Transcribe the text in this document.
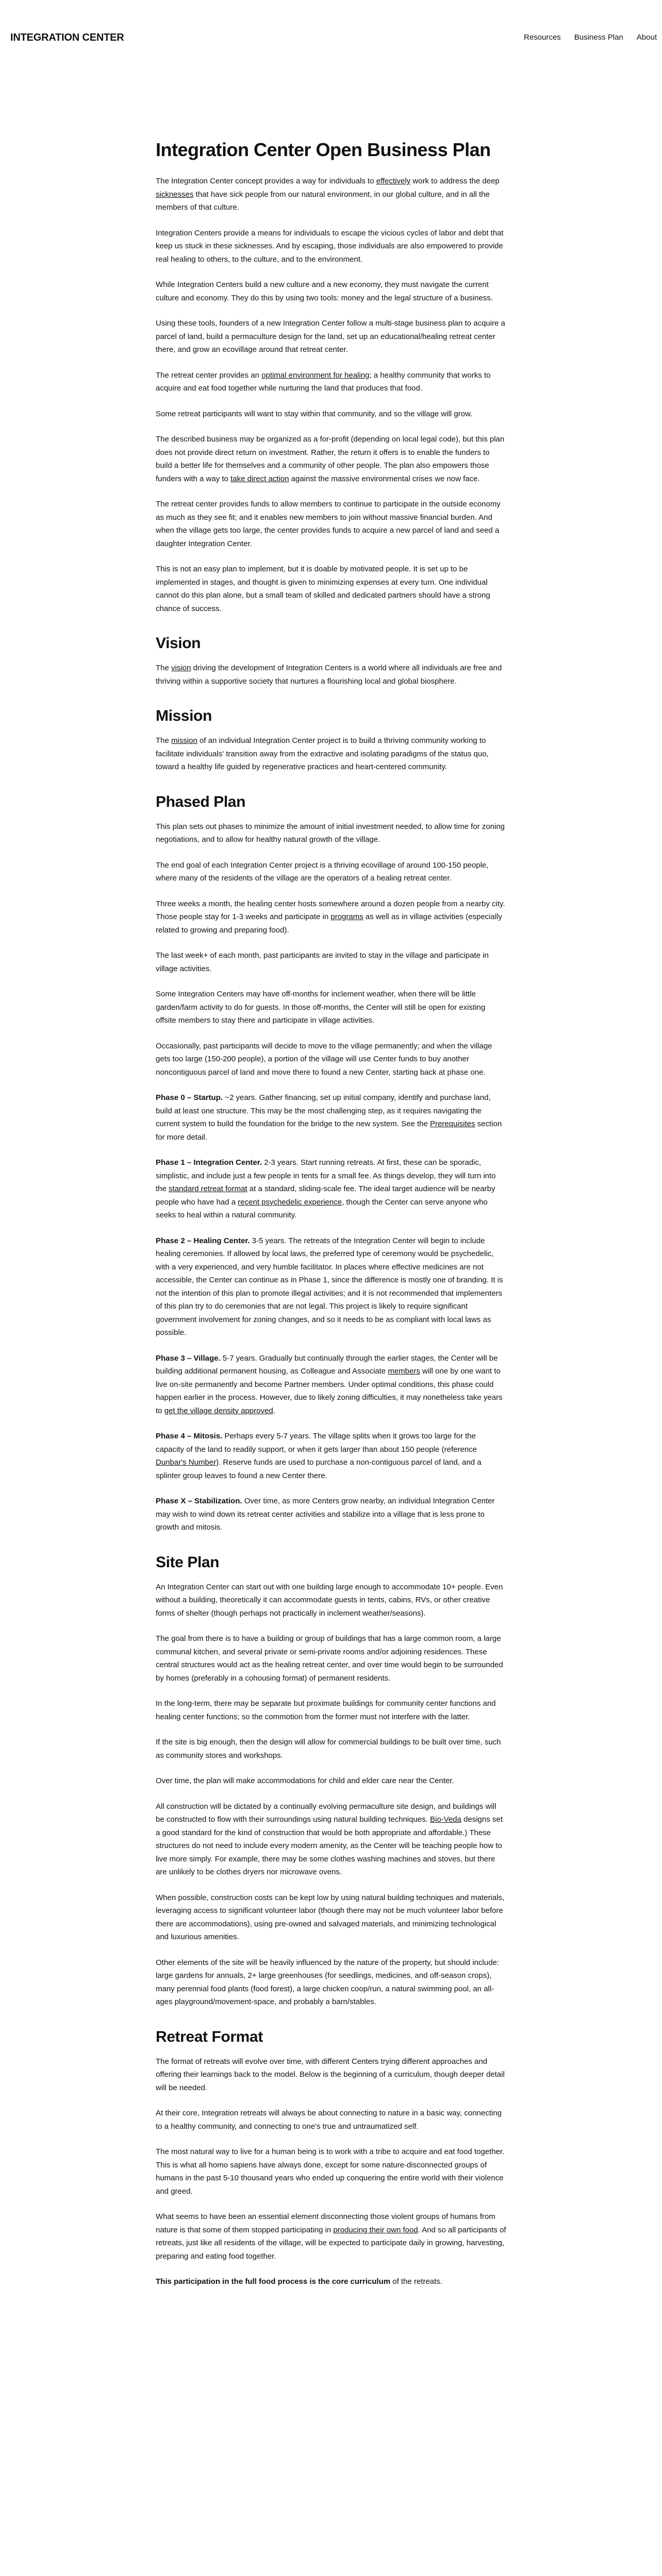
INTEGRATION CENTER	Resources Business Plan About
Integration Center Open Business Plan

The Integration Center concept provides a way for individuals to effectively work to address the deep sicknesses that have sick people from our natural environment, in our global culture, and in all the members of that culture.

Integration Centers provide a means for individuals to escape the vicious cycles of labor and debt that keep us stuck in these sicknesses. And by escaping, those individuals are also empowered to provide real healing to others, to the culture, and to the environment.

While Integration Centers build a new culture and a new economy, they must navigate the current culture and economy. They do this by using two tools: money and the legal structure of a business.

Using these tools, founders of a new Integration Center follow a multi-stage business plan to acquire a parcel of land, build a permaculture design for the land, set up an educational/healing retreat center there, and grow an ecovillage around that retreat center.

The retreat center provides an optimal environment for healing; a healthy community that works to acquire and eat food together while nurturing the land that produces that food.

Some retreat participants will want to stay within that community, and so the village will grow.

The described business may be organized as a for-profit (depending on local legal code), but this plan does not provide direct return on investment. Rather, the return it offers is to enable the funders to build a better life for themselves and a community of other people. The plan also empowers those funders with a way to take direct action against the massive environmental crises we now face.

The retreat center provides funds to allow members to continue to participate in the outside economy as much as they see fit; and it enables new members to join without massive financial burden. And when the village gets too large, the center provides funds to acquire a new parcel of land and seed a daughter Integration Center.

This is not an easy plan to implement, but it is doable by motivated people. It is set up to be implemented in stages, and thought is given to minimizing expenses at every turn. One individual cannot do this plan alone, but a small team of skilled and dedicated partners should have a strong chance of success.

Vision

The vision driving the development of Integration Centers is a world where all individuals are free and thriving within a supportive society that nurtures a flourishing local and global biosphere.

Mission

The mission of an individual Integration Center project is to build a thriving community working to facilitate individuals' transition away from the extractive and isolating paradigms of the status quo, toward a healthy life guided by regenerative practices and heart-centered community.

Phased Plan

This plan sets out phases to minimize the amount of initial investment needed, to allow time for zoning negotiations, and to allow for healthy natural growth of the village.

The end goal of each Integration Center project is a thriving ecovillage of around 100-150 people, where many of the residents of the village are the operators of a healing retreat center.

Three weeks a month, the healing center hosts somewhere around a dozen people from a nearby city. Those people stay for 1-3 weeks and participate in programs as well as in village activities (especially related to growing and preparing food).

The last week+ of each month, past participants are invited to stay in the village and participate in village activities.

Some Integration Centers may have off-months for inclement weather, when there will be little garden/farm activity to do for guests. In those off-months, the Center will still be open for existing offsite members to stay there and participate in village activities.

Occasionally, past participants will decide to move to the village permanently; and when the village gets too large (150-200 people), a portion of the village will use Center funds to buy another noncontiguous parcel of land and move there to found a new Center, starting back at phase one.

Phase 0 – Startup. ~2 years. Gather financing, set up initial company, identify and purchase land, build at least one structure. This may be the most challenging step, as it requires navigating the current system to build the foundation for the bridge to the new system. See the Prerequisites section for more detail.

Phase 1 – Integration Center. 2-3 years. Start running retreats. At first, these can be sporadic, simplistic, and include just a few people in tents for a small fee. As things develop, they will turn into the standard retreat format at a standard, sliding-scale fee. The ideal target audience will be nearby people who have had a recent psychedelic experience, though the Center can serve anyone who seeks to heal within a natural community.

Phase 2 – Healing Center. 3-5 years. The retreats of the Integration Center will begin to include healing ceremonies. If allowed by local laws, the preferred type of ceremony would be psychedelic, with a very experienced, and very humble facilitator. In places where effective medicines are not accessible, the Center can continue as in Phase 1, since the difference is mostly one of branding. It is not the intention of this plan to promote illegal activities; and it is not recommended that implementers of this plan try to do ceremonies that are not legal. This project is likely to require significant government involvement for zoning changes, and so it needs to be as compliant with local laws as possible.

Phase 3 – Village. 5-7 years. Gradually but continually through the earlier stages, the Center will be building additional permanent housing, as Colleague and Associate members will one by one want to live on-site permanently and become Partner members. Under optimal conditions, this phase could happen earlier in the process. However, due to likely zoning difficulties, it may nonetheless take years to get the village density approved.

Phase 4 – Mitosis. Perhaps every 5-7 years. The village splits when it grows too large for the capacity of the land to readily support, or when it gets larger than about 150 people (reference Dunbar's Number). Reserve funds are used to purchase a non-contiguous parcel of land, and a splinter group leaves to found a new Center there.

Phase X – Stabilization. Over time, as more Centers grow nearby, an individual Integration Center may wish to wind down its retreat center activities and stabilize into a village that is less prone to growth and mitosis.

Site Plan

An Integration Center can start out with one building large enough to accommodate 10+ people. Even without a building, theoretically it can accommodate guests in tents, cabins, RVs, or other creative forms of shelter (though perhaps not practically in inclement weather/seasons).

The goal from there is to have a building or group of buildings that has a large common room, a large communal kitchen, and several private or semi-private rooms and/or adjoining residences. These central structures would act as the healing retreat center, and over time would begin to be surrounded by homes (preferably in a cohousing format) of permanent residents.

In the long-term, there may be separate but proximate buildings for community center functions and healing center functions; so the commotion from the former must not interfere with the latter.

If the site is big enough, then the design will allow for commercial buildings to be built over time, such as community stores and workshops.

Over time, the plan will make accommodations for child and elder care near the Center.

All construction will be dictated by a continually evolving permaculture site design, and buildings will be constructed to flow with their surroundings using natural building techniques. Bio-Veda designs set a good standard for the kind of construction that would be both appropriate and affordable.) These structures do not need to include every modern amenity, as the Center will be teaching people how to live more simply. For example, there may be some clothes washing machines and stoves, but there are unlikely to be clothes dryers nor microwave ovens.

When possible, construction costs can be kept low by using natural building techniques and materials, leveraging access to significant volunteer labor (though there may not be much volunteer labor before there are accommodations), using pre-owned and salvaged materials, and minimizing technological and luxurious amenities.

Other elements of the site will be heavily influenced by the nature of the property, but should include: large gardens for annuals, 2+ large greenhouses (for seedlings, medicines, and off-season crops), many perennial food plants (food forest), a large chicken coop/run, a natural swimming pool, an all-ages playground/movement-space, and probably a barn/stables.

Retreat Format

The format of retreats will evolve over time, with different Centers trying different approaches and offering their learnings back to the model. Below is the beginning of a curriculum, though deeper detail will be needed.

At their core, Integration retreats will always be about connecting to nature in a basic way, connecting to a healthy community, and connecting to one's true and untraumatized self.

The most natural way to live for a human being is to work with a tribe to acquire and eat food together. This is what all homo sapiens have always done, except for some nature-disconnected groups of humans in the past 5-10 thousand years who ended up conquering the entire world with their violence and greed.

What seems to have been an essential element disconnecting those violent groups of humans from nature is that some of them stopped participating in producing their own food. And so all participants of retreats, just like all residents of the village, will be expected to participate daily in growing, harvesting, preparing and eating food together.

This participation in the full food process is the core curriculum of the retreats.
